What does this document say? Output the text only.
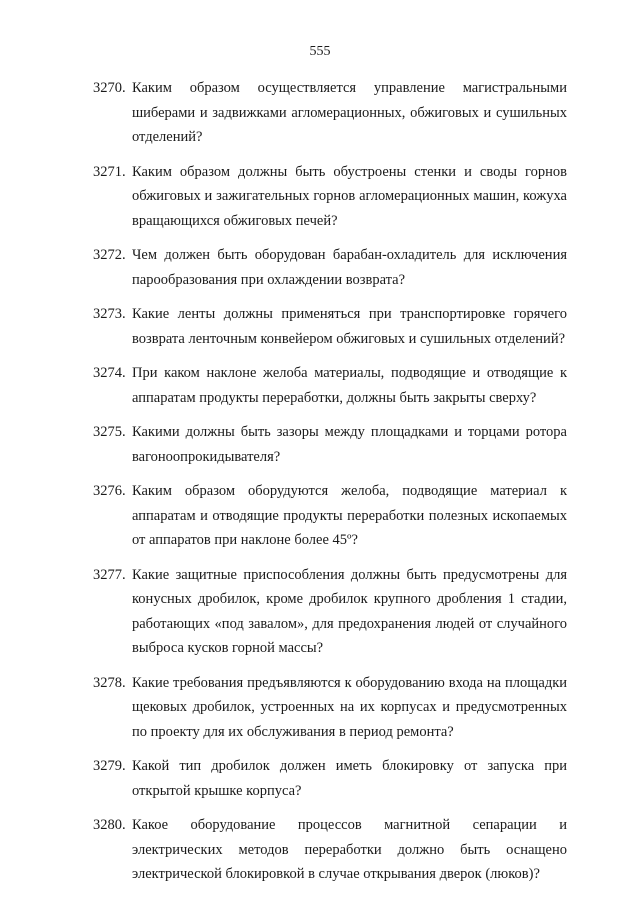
555
3270. Каким образом осуществляется управление магистральными шиберами и задвижками агломерационных, обжиговых и сушильных отделений?
3271. Каким образом должны быть обустроены стенки и своды горнов обжиговых и зажигательных горнов агломерационных машин, кожуха вращающихся обжиговых печей?
3272. Чем должен быть оборудован барабан-охладитель для исключения парообразования при охлаждении возврата?
3273. Какие ленты должны применяться при транспортировке горячего возврата ленточным конвейером обжиговых и сушильных отделений?
3274. При каком наклоне желоба материалы, подводящие и отводящие к аппаратам продукты переработки, должны быть закрыты сверху?
3275. Какими должны быть зазоры между площадками и торцами ротора вагоноопрокидывателя?
3276. Каким образом оборудуются желоба, подводящие материал к аппаратам и отводящие продукты переработки полезных ископаемых от аппаратов при наклоне более 45º?
3277. Какие защитные приспособления должны быть предусмотрены для конусных дробилок, кроме дробилок крупного дробления 1 стадии, работающих «под завалом», для предохранения людей от случайного выброса кусков горной массы?
3278. Какие требования предъявляются к оборудованию входа на площадки щековых дробилок, устроенных на их корпусах и предусмотренных по проекту для их обслуживания в период ремонта?
3279. Какой тип дробилок должен иметь блокировку от запуска при открытой крышке корпуса?
3280. Какое оборудование процессов магнитной сепарации и электрических методов переработки должно быть оснащено электрической блокировкой в случае открывания дверок (люков)?
